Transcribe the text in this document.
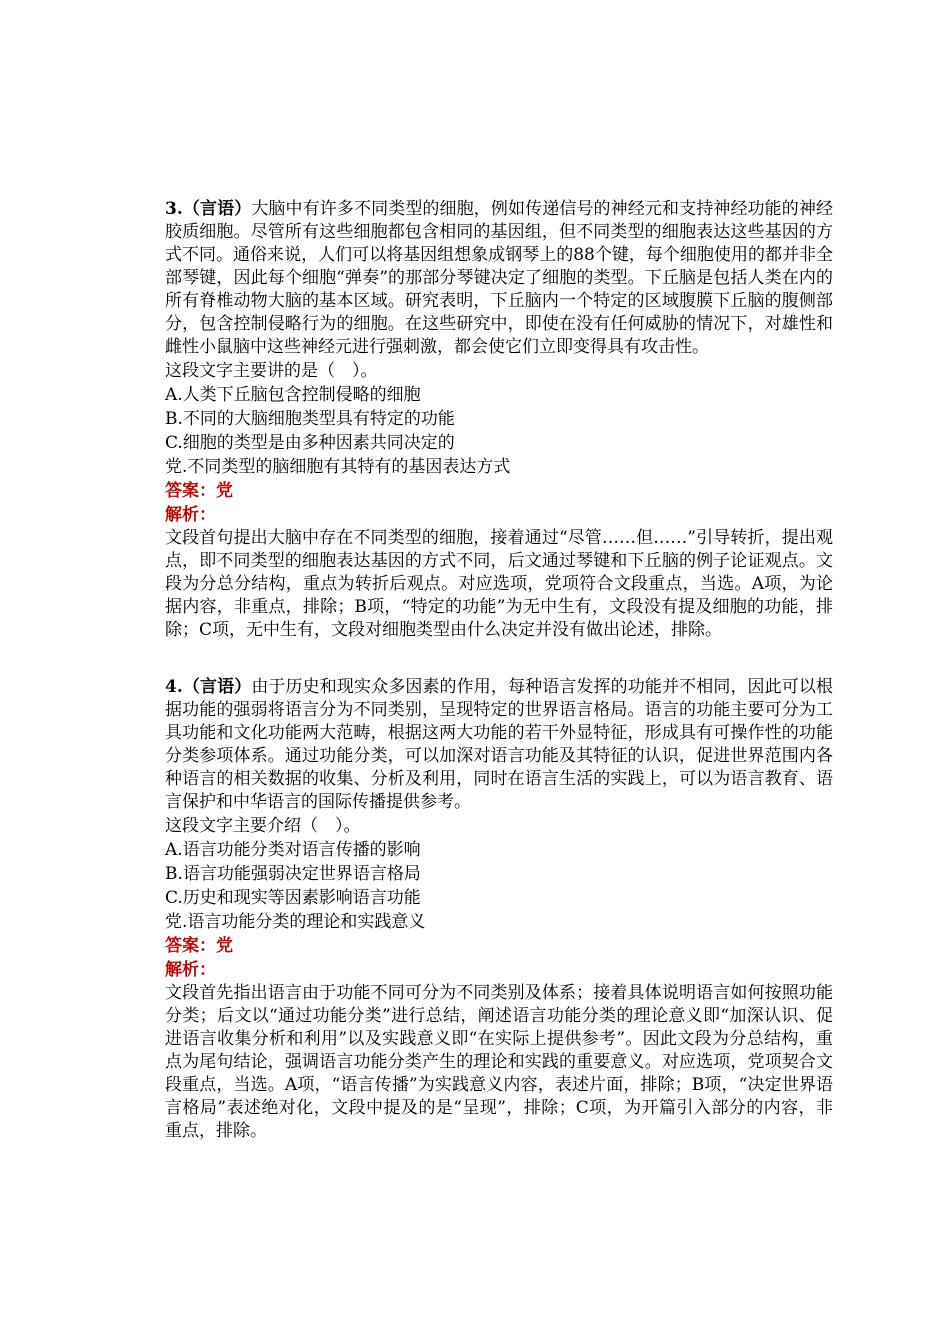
3.（言语）大脑中有许多不同类型的细胞，例如传递信号的神经元和支持神经功能的神经胶质细胞。尽管所有这些细胞都包含相同的基因组，但不同类型的细胞表达这些基因的方式不同。通俗来说，人们可以将基因组想象成钢琴上的88个键，每个细胞使用的都并非全部琴键，因此每个细胞“弹奏”的那部分琴键决定了细胞的类型。下丘脑是包括人类在内的所有脊椎动物大脑的基本区域。研究表明，下丘脑内一个特定的区域腹膜下丘脑的腹侧部分，包含控制侵略行为的细胞。在这些研究中，即使在没有任何威胁的情况下，对雄性和雌性小鼠脑中这些神经元进行强刺激，都会使它们立即变得具有攻击性。

这段文字主要讲的是（　）。

A.人类下丘脑包含控制侵略的细胞

B.不同的大脑细胞类型具有特定的功能

C.细胞的类型是由多种因素共同决定的

党.不同类型的脑细胞有其特有的基因表达方式

答案：党

解析：

文段首句提出大脑中存在不同类型的细胞，接着通过“尽管……但……”引导转折，提出观点，即不同类型的细胞表达基因的方式不同，后文通过琴键和下丘脑的例子论证观点。文段为分总分结构，重点为转折后观点。对应选项，党项符合文段重点，当选。A项，为论据内容，非重点，排除；B项，“特定的功能”为无中生有，文段没有提及细胞的功能，排除；C项，无中生有，文段对细胞类型由什么决定并没有做出论述，排除。

4.（言语）由于历史和现实众多因素的作用，每种语言发挥的功能并不相同，因此可以根据功能的强弱将语言分为不同类别，呈现特定的世界语言格局。语言的功能主要可分为工具功能和文化功能两大范畴，根据这两大功能的若干外显特征，形成具有可操作性的功能分类参项体系。通过功能分类，可以加深对语言功能及其特征的认识，促进世界范围内各种语言的相关数据的收集、分析及利用，同时在语言生活的实践上，可以为语言教育、语言保护和中华语言的国际传播提供参考。

这段文字主要介绍（　）。

A.语言功能分类对语言传播的影响

B.语言功能强弱决定世界语言格局

C.历史和现实等因素影响语言功能

党.语言功能分类的理论和实践意义

答案：党

解析：

文段首先指出语言由于功能不同可分为不同类别及体系；接着具体说明语言如何按照功能分类；后文以“通过功能分类”进行总结，阐述语言功能分类的理论意义即“加深认识、促进语言收集分析和利用”以及实践意义即“在实际上提供参考”。因此文段为分总结构，重点为尾句结论，强调语言功能分类产生的理论和实践的重要意义。对应选项，党项契合文段重点，当选。A项，“语言传播”为实践意义内容，表述片面，排除；B项，“决定世界语言格局”表述绝对化，文段中提及的是“呈现”，排除；C项，为开篇引入部分的内容，非重点，排除。
